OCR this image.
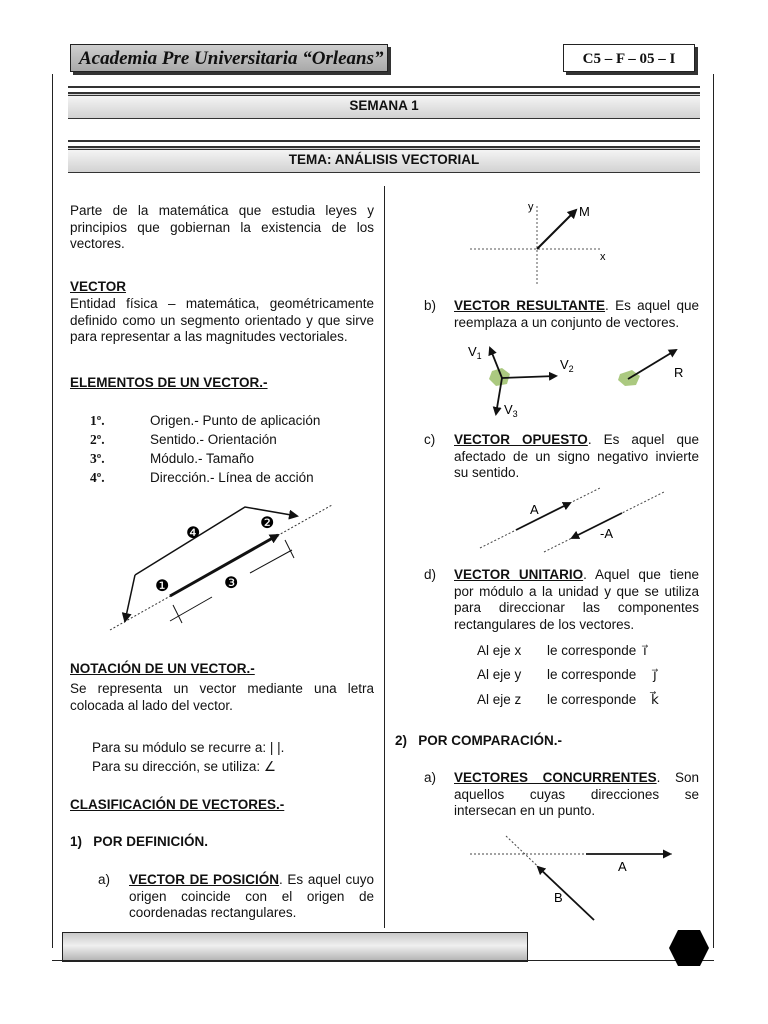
Academia Pre Universitaria “Orleans”	C5 – F – 05 – I
SEMANA 1
TEMA: ANÁLISIS VECTORIAL
Parte de la matemática que estudia leyes y principios que gobiernan la existencia de los vectores.
VECTOR
Entidad física – matemática, geométricamente definido como un segmento orientado y que sirve para representar a las magnitudes vectoriales.
ELEMENTOS DE UN VECTOR.-
1º.	Origen.- Punto de aplicación
2º.	Sentido.- Orientación
3º.	Módulo.- Tamaño
4º.	Dirección.- Línea de acción
❶
❷
❸
❹
NOTACIÓN DE UN VECTOR.-
Se representa un vector mediante una letra colocada al lado del vector.
Para su módulo se recurre a: | |.
Para su dirección, se utiliza: ∠
CLASIFICACIÓN DE VECTORES.-
1)   POR DEFINICIÓN.
a) VECTOR DE POSICIÓN. Es aquel cuyo origen coincide con el origen de coordenadas rectangulares.
y
x
M
b) VECTOR RESULTANTE. Es aquel que reemplaza a un conjunto de vectores.
$V_1$
$V_2$
$V_3$
R
c) VECTOR OPUESTO. Es aquel que afectado de un signo negativo invierte su sentido.
A
-A
d) VECTOR UNITARIO. Aquel que tiene por módulo a la unidad y que se utiliza para direccionar las componentes rectangulares de los vectores.
Al eje x le corresponde i⃗
Al eje y le corresponde j⃗
Al eje z le corresponde k⃗
2)   POR COMPARACIÓN.-
a) VECTORES CONCURRENTES. Son aquellos cuyas direcciones se intersecan en un punto.
A
B
